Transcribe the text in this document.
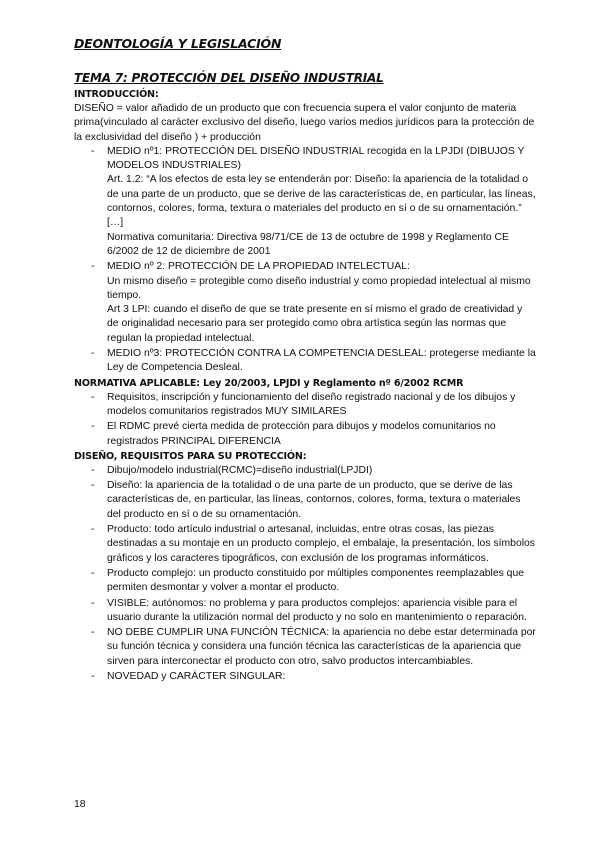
DEONTOLOGÍA Y LEGISLACIÓN
TEMA 7: PROTECCIÓN DEL DISEÑO INDUSTRIAL
INTRODUCCIÓN:

DISEÑO = valor añadido de un producto que con frecuencia supera el valor conjunto de materia prima(vinculado al carácter exclusivo del diseño, luego varios medios jurídicos para la protección de la exclusividad del diseño ) + producción

- MEDIO nº1: PROTECCIÓN DEL DISEÑO INDUSTRIAL recogida en la LPJDI (DIBUJOS Y MODELOS INDUSTRIALES)
Art. 1.2: “A los efectos de esta ley se entenderán por: Diseño: la apariencia de la totalidad o de una parte de un producto, que se derive de las características de, en particular, las líneas, contornos, colores, forma, textura o materiales del producto en sí o de su ornamentación.” […]
Normativa comunitaria: Directiva 98/71/CE de 13 de octubre de 1998 y Reglamento CE 6/2002 de 12 de diciembre de 2001
- MEDIO nº 2: PROTECCIÓN DE LA PROPIEDAD INTELECTUAL:
Un mismo diseño = protegible como diseño industrial y como propiedad intelectual al mismo tiempo.
Art 3 LPI: cuando el diseño de que se trate presente en sí mismo el grado de creatividad y de originalidad necesario para ser protegido como obra artística según las normas que regulan la propiedad intelectual.
- MEDIO nº3: PROTECCIÓN CONTRA LA COMPETENCIA DESLEAL: protegerse mediante la Ley de Competencia Desleal.
NORMATIVA APLICABLE: Ley 20/2003, LPJDI y Reglamento nº 6/2002 RCMR
- Requisitos, inscripción y funcionamiento del diseño registrado nacional y de los dibujos y modelos comunitarios registrados MUY SIMILARES
- El RDMC prevé cierta medida de protección para dibujos y modelos comunitarios no registrados PRINCIPAL DIFERENCIA
DISEÑO, REQUISITOS PARA SU PROTECCIÓN:
- Dibujo/modelo industrial(RCMC)=diseño industrial(LPJDI)
- Diseño: la apariencia de la totalidad o de una parte de un producto, que se derive de las características de, en particular, las líneas, contornos, colores, forma, textura o materiales del producto en sí o de su ornamentación.
- Producto: todo artículo industrial o artesanal, incluidas, entre otras cosas, las piezas destinadas a su montaje en un producto complejo, el embalaje, la presentación, los símbolos gráficos y los caracteres tipográficos, con exclusión de los programas informáticos.
- Producto complejo: un producto constituido por múltiples componentes reemplazables que permiten desmontar y volver a montar el producto.
- VISIBLE: autónomos: no problema y para productos complejos: apariencia visible para el usuario durante la utilización normal del producto y no solo en mantenimiento o reparación.
- NO DEBE CUMPLIR UNA FUNCIÓN TÉCNICA: la apariencia no debe estar determinada por su función técnica y considera una función técnica las características de la apariencia que sirven para interconectar el producto con otro, salvo productos intercambiables.
- NOVEDAD y CARÁCTER SINGULAR:
18
